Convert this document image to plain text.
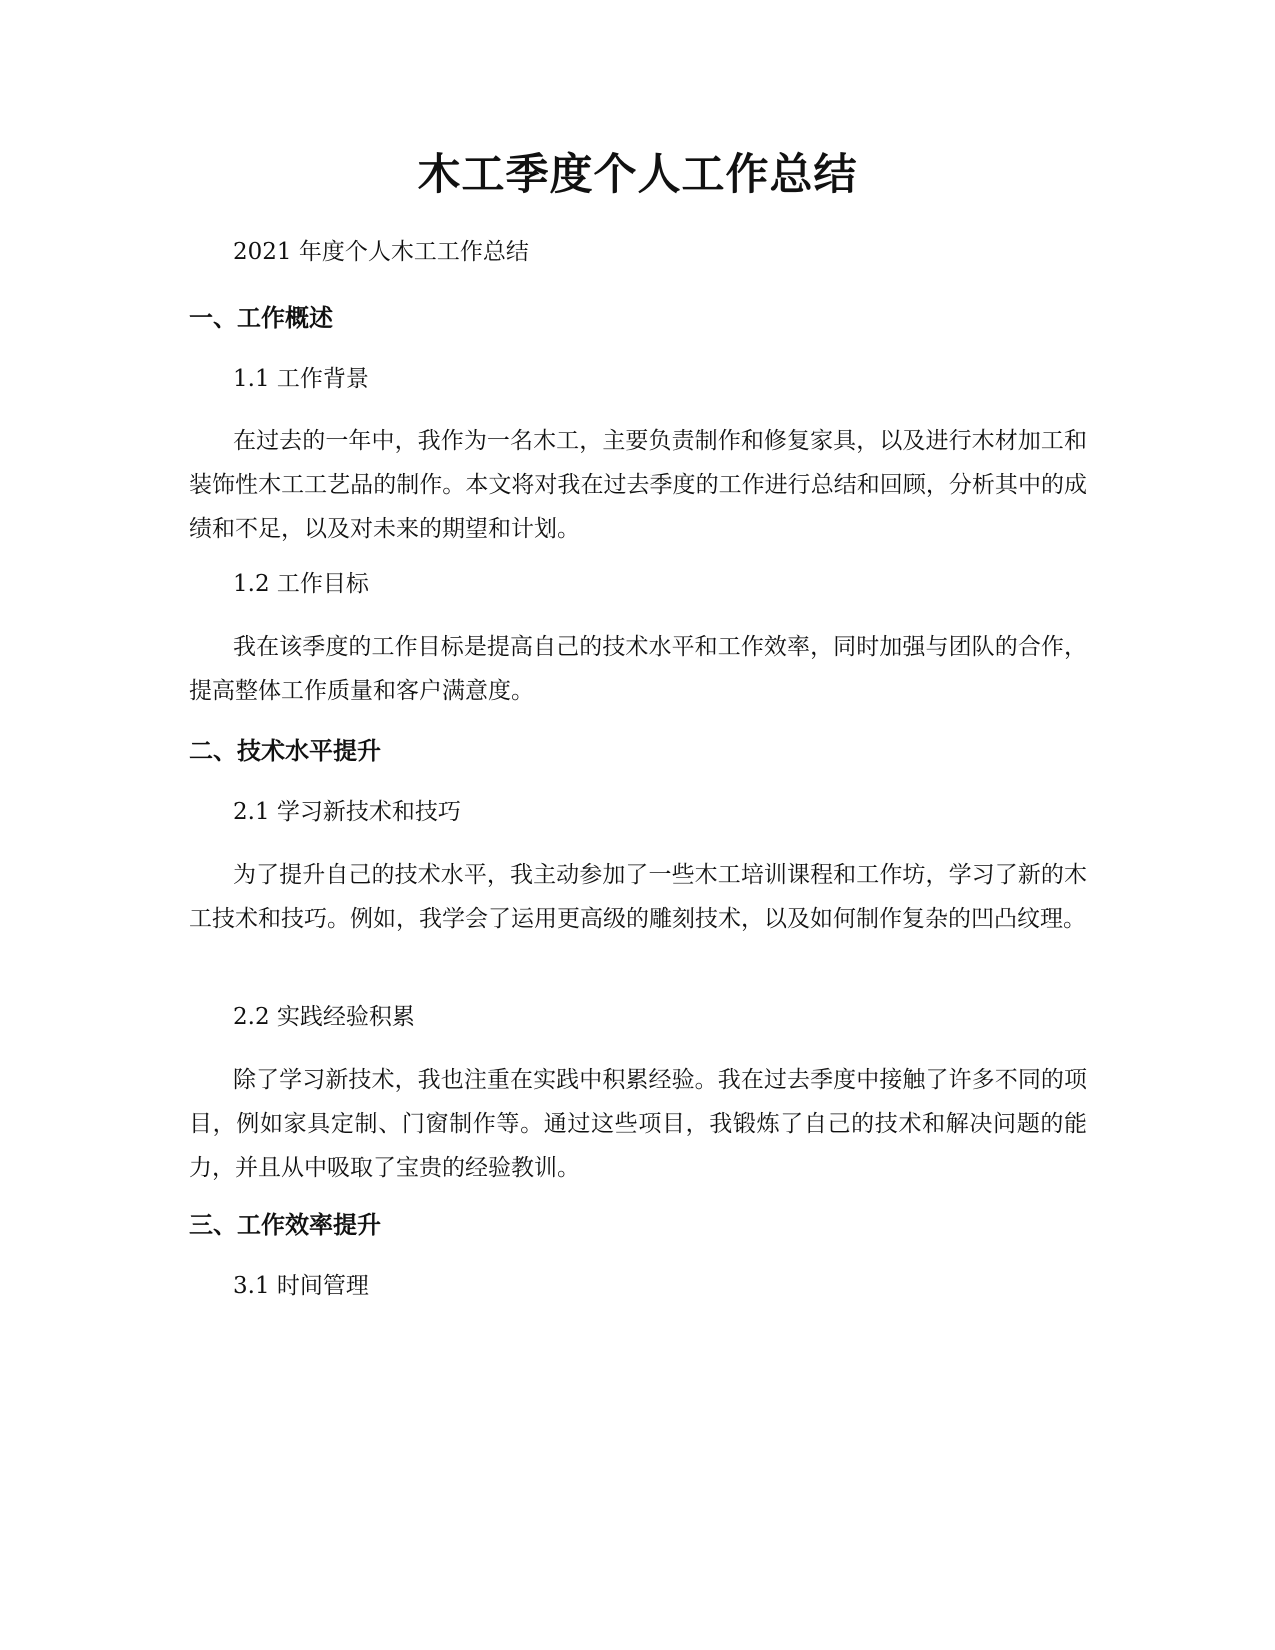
木工季度个人工作总结

2021 年度个人木工工作总结

一、工作概述

1.1 工作背景

在过去的一年中，我作为一名木工，主要负责制作和修复家具，以及进行木材加工和装饰性木工工艺品的制作。本文将对我在过去季度的工作进行总结和回顾，分析其中的成绩和不足，以及对未来的期望和计划。

1.2 工作目标

我在该季度的工作目标是提高自己的技术水平和工作效率，同时加强与团队的合作，提高整体工作质量和客户满意度。

二、技术水平提升

2.1 学习新技术和技巧

为了提升自己的技术水平，我主动参加了一些木工培训课程和工作坊，学习了新的木工技术和技巧。例如，我学会了运用更高级的雕刻技术，以及如何制作复杂的凹凸纹理。

2.2 实践经验积累

除了学习新技术，我也注重在实践中积累经验。我在过去季度中接触了许多不同的项目，例如家具定制、门窗制作等。通过这些项目，我锻炼了自己的技术和解决问题的能力，并且从中吸取了宝贵的经验教训。

三、工作效率提升

3.1 时间管理
